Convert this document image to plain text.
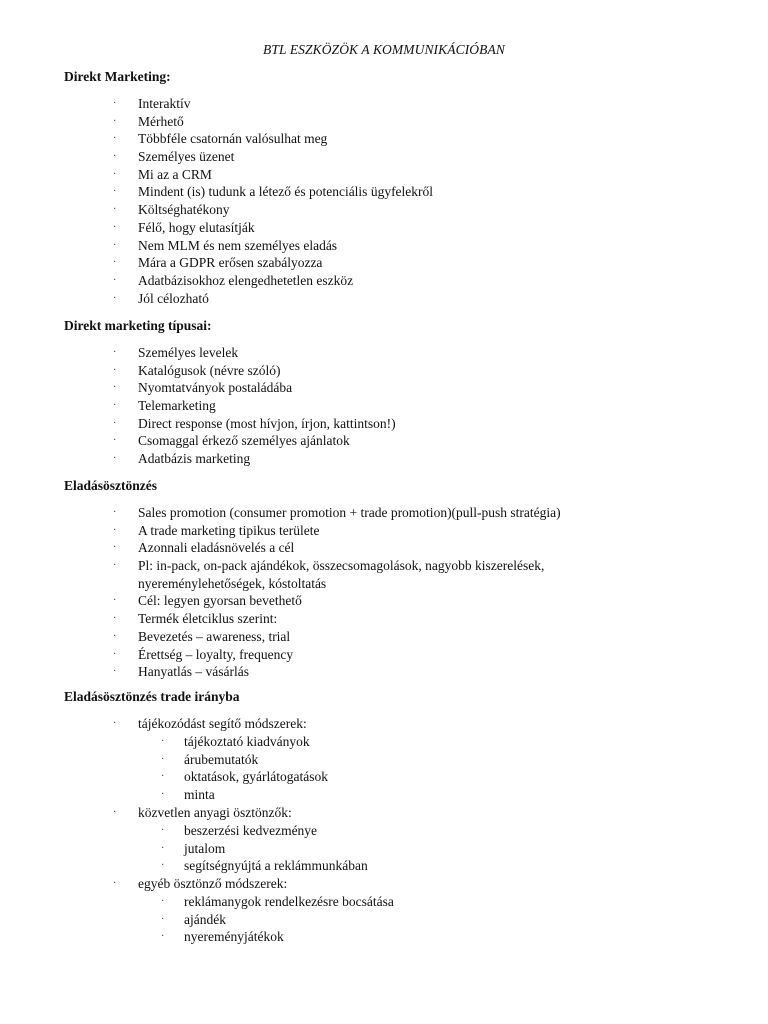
BTL ESZKÖZÖK A KOMMUNIKÁCIÓBAN
Direkt Marketing:
· Interaktív
· Mérhető
· Többféle csatornán valósulhat meg
· Személyes üzenet
· Mi az a CRM
· Mindent (is) tudunk a létező és potenciális ügyfelekről
· Költséghatékony
· Félő, hogy elutasítják
· Nem MLM és nem személyes eladás
· Mára a GDPR erősen szabályozza
· Adatbázisokhoz elengedhetetlen eszköz
· Jól célozható
Direkt marketing típusai:
· Személyes levelek
· Katalógusok (névre szóló)
· Nyomtatványok postaládába
· Telemarketing
· Direct response (most hívjon, írjon, kattintson!)
· Csomaggal érkező személyes ajánlatok
· Adatbázis marketing
Eladásösztönzés
· Sales promotion (consumer promotion + trade promotion)(pull-push stratégia)
· A trade marketing tipikus területe
· Azonnali eladásnövelés a cél
· Pl: in-pack, on-pack ajándékok, összecsomagolások, nagyobb kiszerelések, nyereménylehetőségek, kóstoltatás
· Cél: legyen gyorsan bevethető
· Termék életciklus szerint:
· Bevezetés – awareness, trial
· Érettség – loyalty, frequency
· Hanyatlás – vásárlás
Eladásösztönzés trade irányba
· tájékozódást segítő módszerek:
· tájékoztató kiadványok
· árubemutatók
· oktatások, gyárlátogatások
· minta
· közvetlen anyagi ösztönzők:
· beszerzési kedvezménye
· jutalom
· segítségnyújtá a reklámmunkában
· egyéb ösztönző módszerek:
· reklámanygok rendelkezésre bocsátása
· ajándék
· nyereményjátékok
